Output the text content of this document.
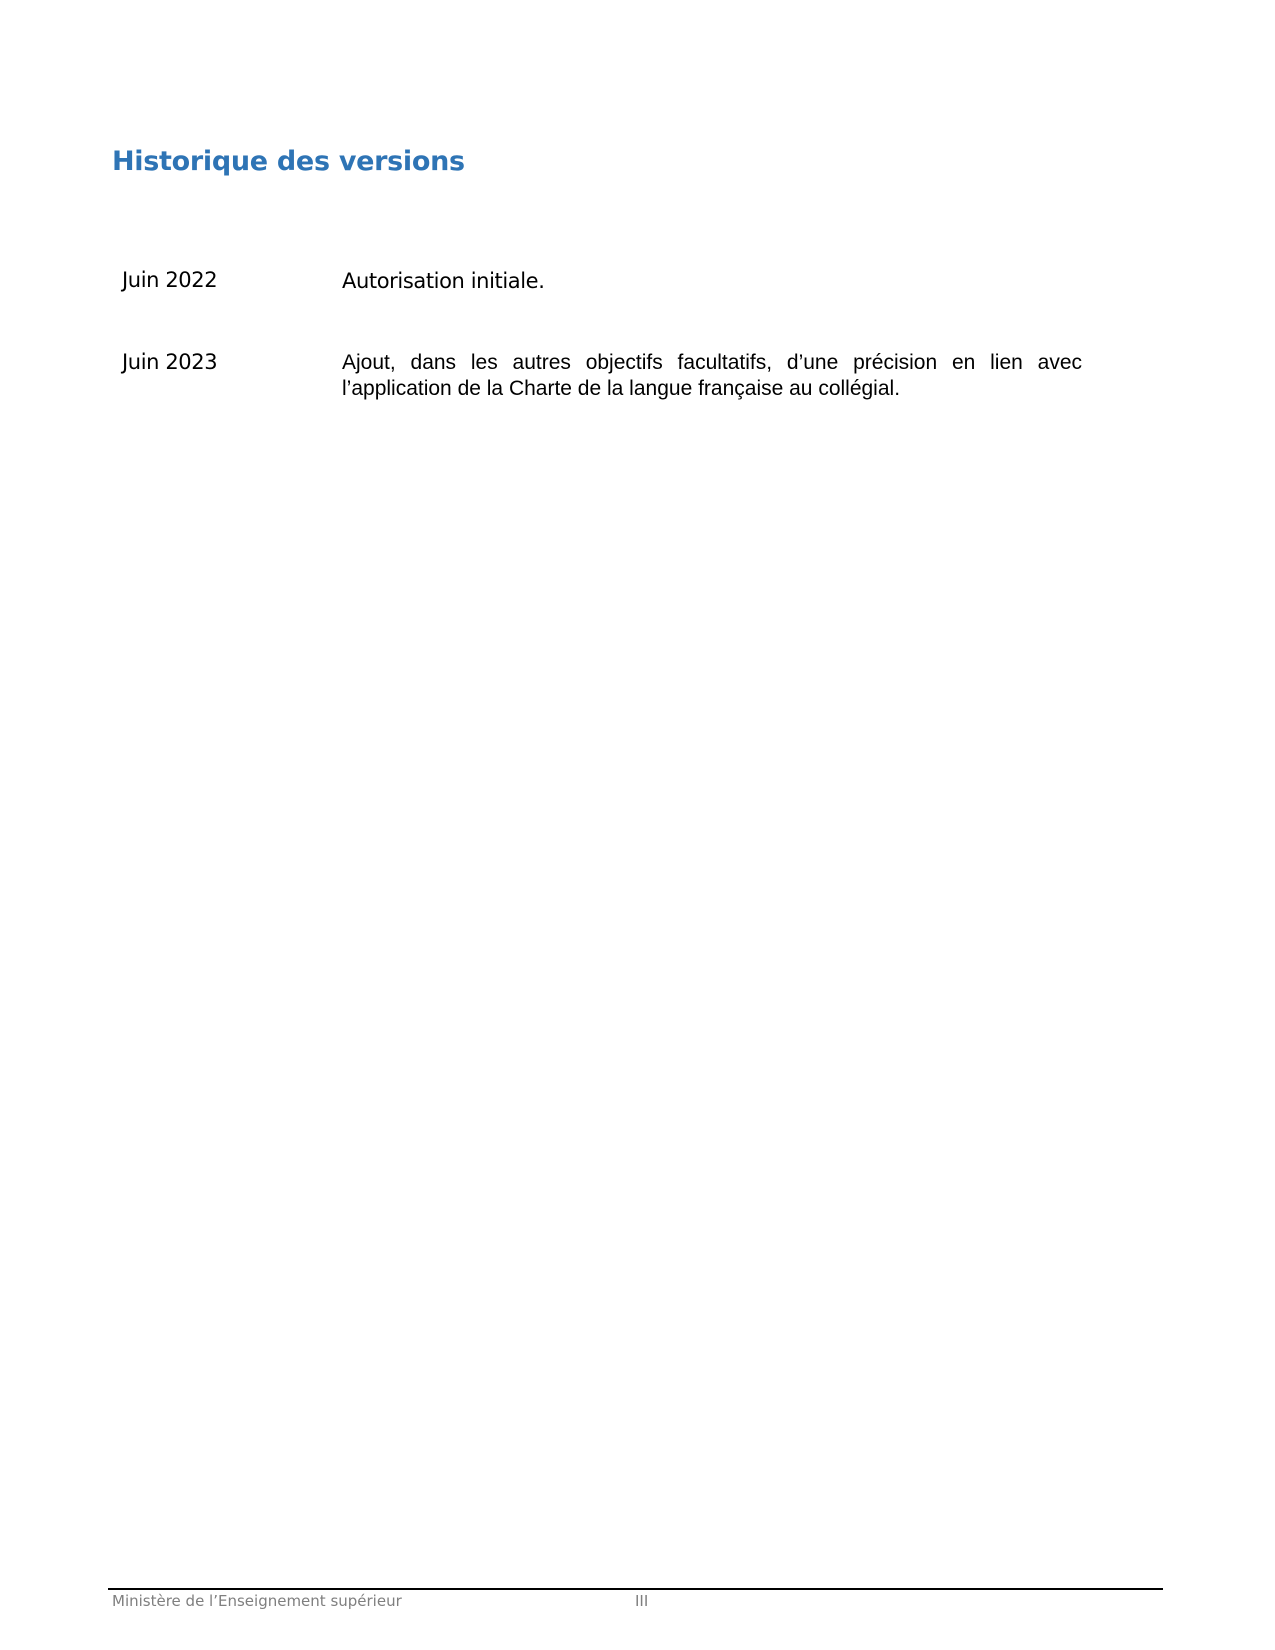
Historique des versions
Juin 2022	Autorisation initiale.
Juin 2023	Ajout, dans les autres objectifs facultatifs, d’une précision en lien avec l’application de la Charte de la langue française au collégial.
Ministère de l’Enseignement supérieur	III
